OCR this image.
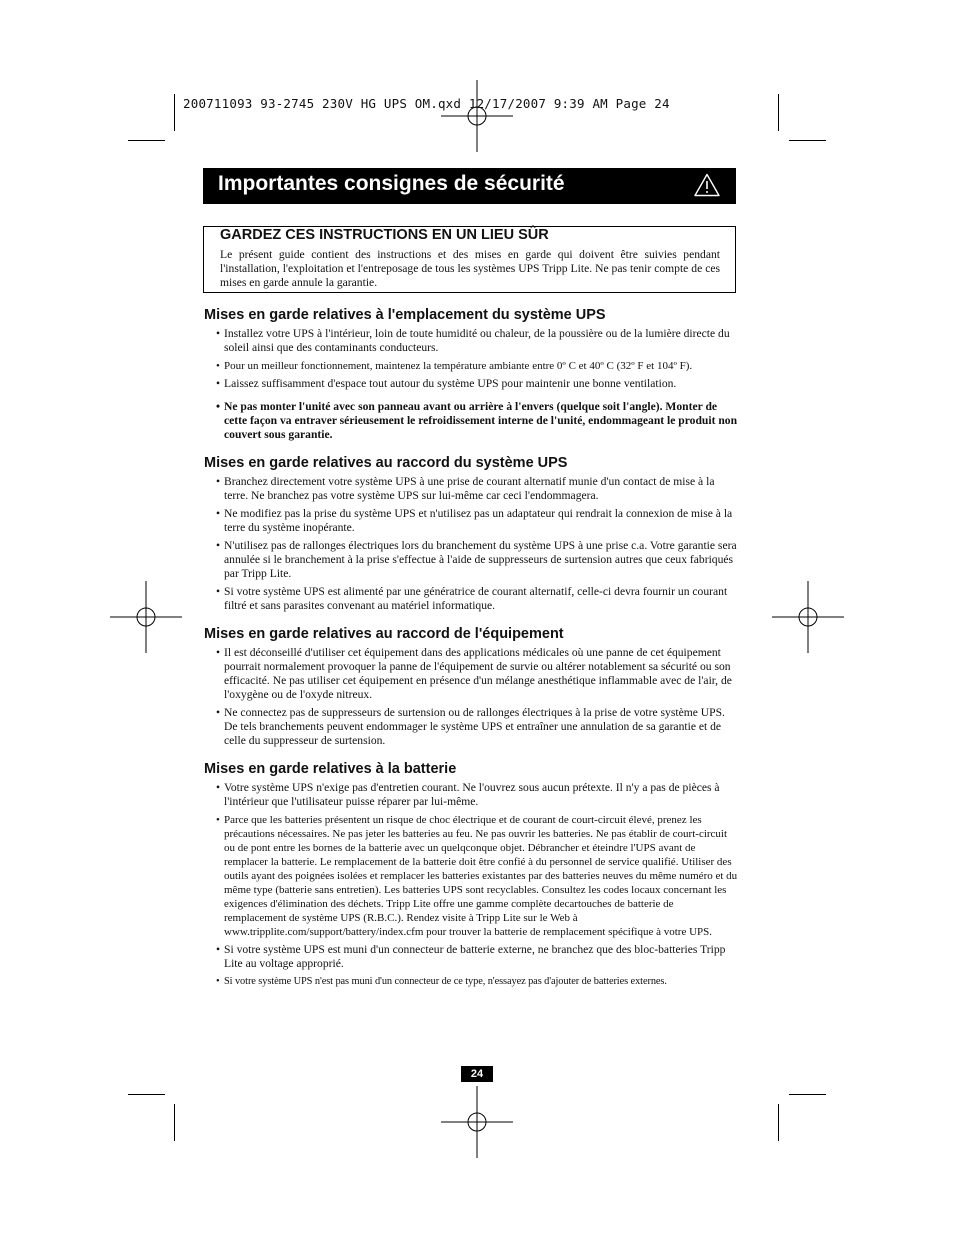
200711093 93-2745 230V HG UPS OM.qxd 12/17/2007 9:39 AM Page 24
Importantes consignes de sécurité
GARDEZ CES INSTRUCTIONS EN UN LIEU SÛR
Le présent guide contient des instructions et des mises en garde qui doivent être suivies pendant l'installation, l'exploitation et l'entreposage de tous les systèmes UPS Tripp Lite. Ne pas tenir compte de ces mises en garde annule la garantie.
Mises en garde relatives à l'emplacement du système UPS
• Installez votre UPS à l'intérieur, loin de toute humidité ou chaleur, de la poussière ou de la lumière directe du soleil ainsi que des contaminants conducteurs.
• Pour un meilleur fonctionnement, maintenez la température ambiante entre 0º C et 40º C (32º F et 104º F).
• Laissez suffisamment d'espace tout autour du système UPS pour maintenir une bonne ventilation.
• Ne pas monter l'unité avec son panneau avant ou arrière à l'envers (quelque soit l'angle). Monter de cette façon va entraver sérieusement le refroidissement interne de l'unité, endommageant le produit non couvert sous garantie.
Mises en garde relatives au raccord du système UPS
• Branchez directement votre système UPS à une prise de courant alternatif munie d'un contact de mise à la terre. Ne branchez pas votre système UPS sur lui-même car ceci l'endommagera.
• Ne modifiez pas la prise du système UPS et n'utilisez pas un adaptateur qui rendrait la connexion de mise à la terre du système inopérante.
• N'utilisez pas de rallonges électriques lors du branchement du système UPS à une prise c.a. Votre garantie sera annulée si le branchement à la prise s'effectue à l'aide de suppresseurs de surtension autres que ceux fabriqués par Tripp Lite.
• Si votre système UPS est alimenté par une génératrice de courant alternatif, celle-ci devra fournir un courant filtré et sans parasites convenant au matériel informatique.
Mises en garde relatives au raccord de l'équipement
• Il est déconseillé d'utiliser cet équipement dans des applications médicales où une panne de cet équipement pourrait normalement provoquer la panne de l'équipement de survie ou altérer notablement sa sécurité ou son efficacité. Ne pas utiliser cet équipement en présence d'un mélange anesthétique inflammable avec de l'air, de l'oxygène ou de l'oxyde nitreux.
• Ne connectez pas de suppresseurs de surtension ou de rallonges électriques à la prise de votre système UPS. De tels branchements peuvent endommager le système UPS et entraîner une annulation de sa garantie et de celle du suppresseur de surtension.
Mises en garde relatives à la batterie
• Votre système UPS n'exige pas d'entretien courant. Ne l'ouvrez sous aucun prétexte. Il n'y a pas de pièces à l'intérieur que l'utilisateur puisse réparer par lui-même.
• Parce que les batteries présentent un risque de choc électrique et de courant de court-circuit élevé, prenez les précautions nécessaires. Ne pas jeter les batteries au feu. Ne pas ouvrir les batteries. Ne pas établir de court-circuit ou de pont entre les bornes de la batterie avec un quelqconque objet. Débrancher et éteindre l'UPS avant de remplacer la batterie. Le remplacement de la batterie doit être confié à du personnel de service qualifié. Utiliser des outils ayant des poignées isolées et remplacer les batteries existantes par des batteries neuves du même numéro et du même type (batterie sans entretien). Les batteries UPS sont recyclables. Consultez les codes locaux concernant les exigences d'élimination des déchets. Tripp Lite offre une gamme complète decartouches de batterie de remplacement de système UPS (R.B.C.). Rendez visite à Tripp Lite sur le Web à www.tripplite.com/support/battery/index.cfm pour trouver la batterie de remplacement spécifique à votre UPS.
• Si votre système UPS est muni d'un connecteur de batterie externe, ne branchez que des bloc-batteries Tripp Lite au voltage approprié.
• Si votre système UPS n'est pas muni d'un connecteur de ce type, n'essayez pas d'ajouter de batteries externes.
24
